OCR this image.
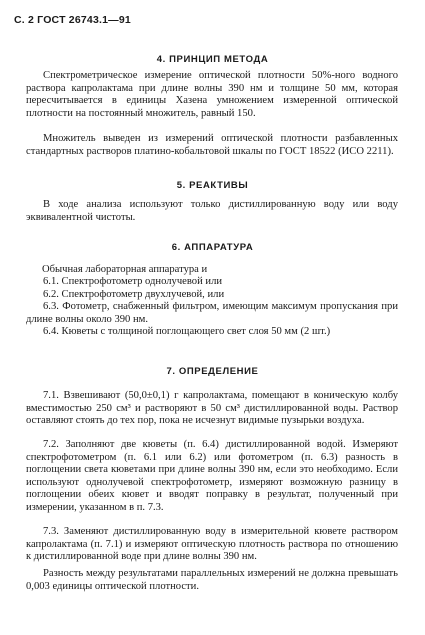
С. 2 ГОСТ 26743.1—91
4. ПРИНЦИП МЕТОДА
Спектрометрическое измерение оптической плотности 50%-ного водного раствора капролактама при длине волны 390 нм и толщине 50 мм, которая пересчитывается в единицы Хазена умножением измеренной оптической плотности на постоянный множитель, равный 150.
Множитель выведен из измерений оптической плотности разбавленных стандартных растворов платино-кобальтовой шкалы по ГОСТ 18522 (ИСО 2211).
5. РЕАКТИВЫ
В ходе анализа используют только дистиллированную воду или воду эквивалентной чистоты.
6. АППАРАТУРА
Обычная лабораторная аппаратура и
6.1. Спектрофотометр однолучевой или
6.2. Спектрофотометр двухлучевой, или
6.3. Фотометр, снабженный фильтром, имеющим максимум пропускания при длине волны около 390 нм.
6.4. Кюветы с толщиной поглощающего свет слоя 50 мм (2 шт.)
7. ОПРЕДЕЛЕНИЕ
7.1. Взвешивают (50,0±0,1) г капролактама, помещают в коническую колбу вместимостью 250 см³ и растворяют в 50 см³ дистиллированной воды. Раствор оставляют стоять до тех пор, пока не исчезнут видимые пузырьки воздуха.
7.2. Заполняют две кюветы (п. 6.4) дистиллированной водой. Измеряют спектрофотометром (п. 6.1 или 6.2) или фотометром (п. 6.3) разность в поглощении света кюветами при длине волны 390 нм, если это необходимо. Если используют однолучевой спектрофотометр, измеряют возможную разницу в поглощении обеих кювет и вводят поправку в результат, полученный при измерении, указанном в п. 7.3.
7.3. Заменяют дистиллированную воду в измерительной кювете раствором капролактама (п. 7.1) и измеряют оптическую плотность раствора по отношению к дистиллированной воде при длине волны 390 нм.
Разность между результатами параллельных измерений не должна превышать 0,003 единицы оптической плотности.
